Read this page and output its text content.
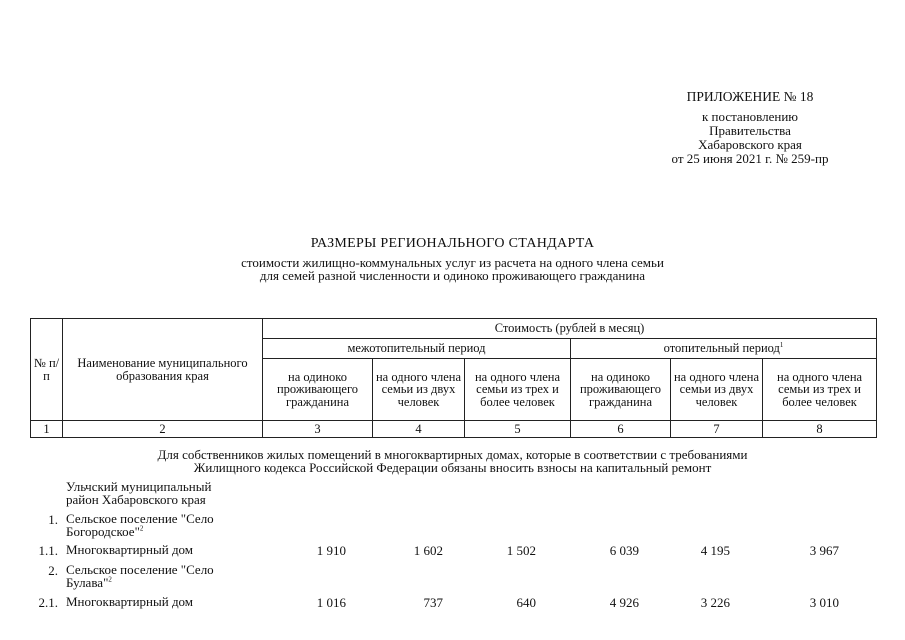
ПРИЛОЖЕНИЕ № 18
к постановлению
Правительства
Хабаровского края
от 25 июня 2021 г. № 259-пр
РАЗМЕРЫ РЕГИОНАЛЬНОГО СТАНДАРТА
стоимости жилищно-коммунальных услуг из расчета на одного члена семьи
для семей разной численности и одиноко проживающего гражданина
№ п/п	Наименование муниципального образования края	Стоимость (рублей в месяц)					
		межотопительный период			отопительный период$^1$
		на одиноко проживающего гражданина	на одного члена семьи из двух человек	на одного члена семьи из трех и более человек	на одиноко проживающего гражданина	на одного члена семьи из двух человек	на одного члена семьи из трех и более человек
1	2	3	4	5	6	7	8
Для собственников жилых помещений в многоквартирных домах, которые в соответствии с требованиями
Жилищного кодекса Российской Федерации обязаны вносить взносы на капитальный ремонт
Ульчский муниципальный
район Хабаровского края
1. Сельское поселение "Село
Богородское"$^2$
1.1. Многоквартирный дом	1 910	1 602	1 502	6 039	4 195	3 967
2. Сельское поселение "Село
Булава"$^2$
2.1. Многоквартирный дом	1 016	737	640	4 926	3 226	3 010
